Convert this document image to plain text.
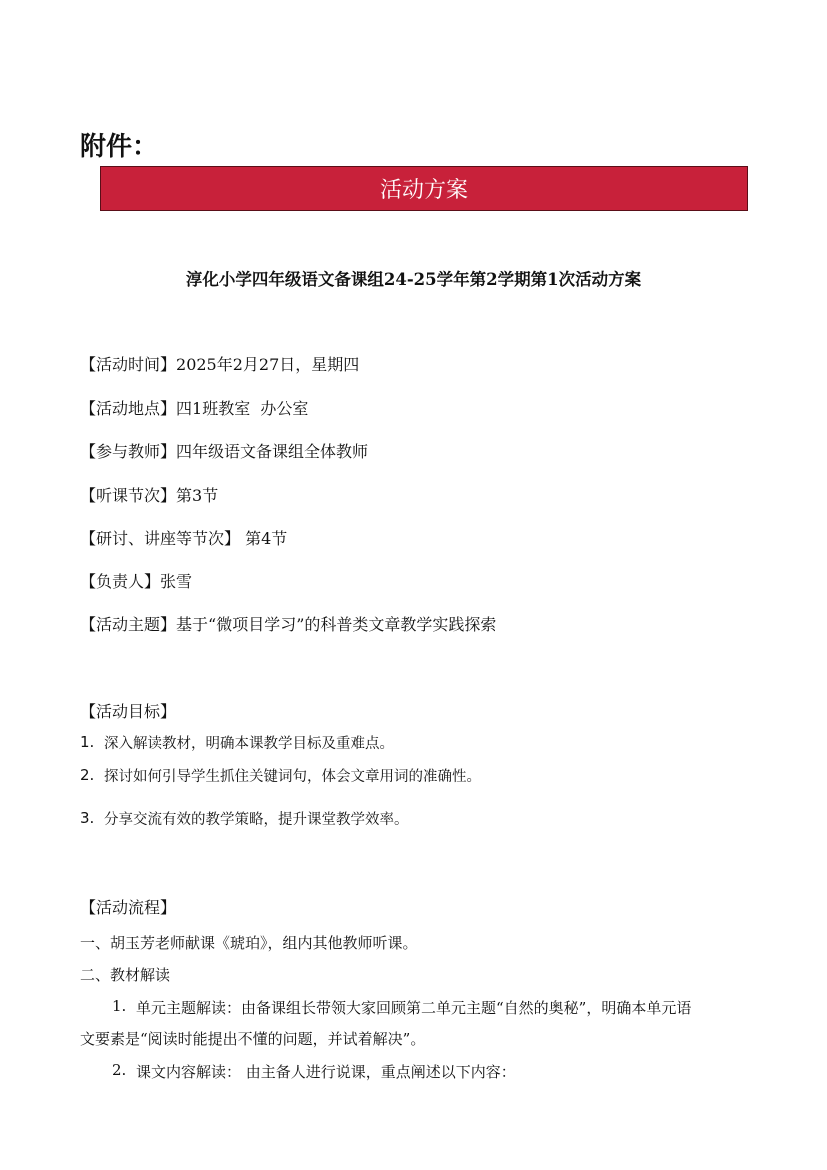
附件：
活动方案
淳化小学四年级语文备课组24-25学年第2学期第1次活动方案
【活动时间】2025年2月27日，星期四
【活动地点】四1班教室  办公室
【参与教师】四年级语文备课组全体教师
【听课节次】第3节
【研讨、讲座等节次】 第4节
【负责人】张雪
【活动主题】基于“微项目学习”的科普类文章教学实践探索
【活动目标】
1. 深入解读教材，明确本课教学目标及重难点。
2. 探讨如何引导学生抓住关键词句，体会文章用词的准确性。
3. 分享交流有效的教学策略，提升课堂教学效率。
【活动流程】
一、胡玉芳老师献课《琥珀》，组内其他教师听课。
二、教材解读
1. 单元主题解读：由备课组长带领大家回顾第二单元主题“自然的奥秘”，明确本单元语
文要素是“阅读时能提出不懂的问题，并试着解决”。
2. 课文内容解读： 由主备人进行说课，重点阐述以下内容：
